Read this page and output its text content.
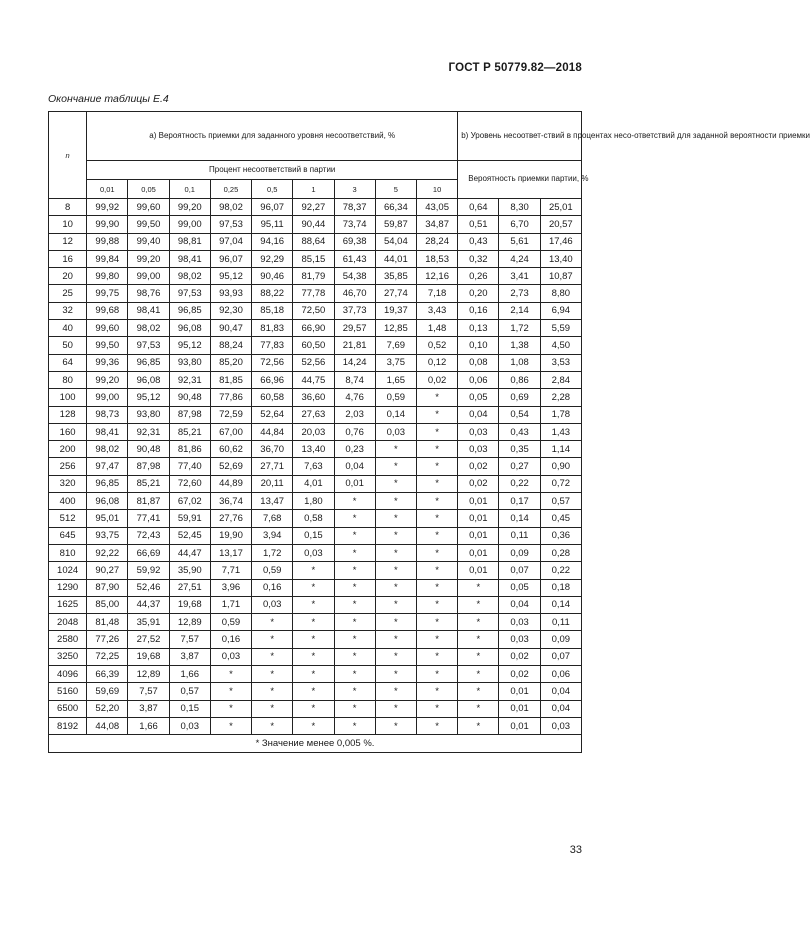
ГОСТ Р 50779.82—2018
Окончание таблицы Е.4
n	a) Вероятность приемки для заданного уровня несоответствий, %									b) Уровень несоответ-ствий в процентах несо-ответствий для заданной вероятности приемки		
	Процент несоответствий в партии									Вероятность приемки партии, %		
	0,01	0,05	0,1	0,25	0,5	1	3	5	10			
8	99,92	99,60	99,20	98,02	96,07	92,27	78,37	66,34	43,05	0,64	8,30	25,01
10	99,90	99,50	99,00	97,53	95,11	90,44	73,74	59,87	34,87	0,51	6,70	20,57
12	99,88	99,40	98,81	97,04	94,16	88,64	69,38	54,04	28,24	0,43	5,61	17,46
16	99,84	99,20	98,41	96,07	92,29	85,15	61,43	44,01	18,53	0,32	4,24	13,40
20	99,80	99,00	98,02	95,12	90,46	81,79	54,38	35,85	12,16	0,26	3,41	10,87
25	99,75	98,76	97,53	93,93	88,22	77,78	46,70	27,74	7,18	0,20	2,73	8,80
32	99,68	98,41	96,85	92,30	85,18	72,50	37,73	19,37	3,43	0,16	2,14	6,94
40	99,60	98,02	96,08	90,47	81,83	66,90	29,57	12,85	1,48	0,13	1,72	5,59
50	99,50	97,53	95,12	88,24	77,83	60,50	21,81	7,69	0,52	0,10	1,38	4,50
64	99,36	96,85	93,80	85,20	72,56	52,56	14,24	3,75	0,12	0,08	1,08	3,53
80	99,20	96,08	92,31	81,85	66,96	44,75	8,74	1,65	0,02	0,06	0,86	2,84
100	99,00	95,12	90,48	77,86	60,58	36,60	4,76	0,59	*	0,05	0,69	2,28
128	98,73	93,80	87,98	72,59	52,64	27,63	2,03	0,14	*	0,04	0,54	1,78
160	98,41	92,31	85,21	67,00	44,84	20,03	0,76	0,03	*	0,03	0,43	1,43
200	98,02	90,48	81,86	60,62	36,70	13,40	0,23	*	*	0,03	0,35	1,14
256	97,47	87,98	77,40	52,69	27,71	7,63	0,04	*	*	0,02	0,27	0,90
320	96,85	85,21	72,60	44,89	20,11	4,01	0,01	*	*	0,02	0,22	0,72
400	96,08	81,87	67,02	36,74	13,47	1,80	*	*	*	0,01	0,17	0,57
512	95,01	77,41	59,91	27,76	7,68	0,58	*	*	*	0,01	0,14	0,45
645	93,75	72,43	52,45	19,90	3,94	0,15	*	*	*	0,01	0,11	0,36
810	92,22	66,69	44,47	13,17	1,72	0,03	*	*	*	0,01	0,09	0,28
1024	90,27	59,92	35,90	7,71	0,59	*	*	*	*	0,01	0,07	0,22
1290	87,90	52,46	27,51	3,96	0,16	*	*	*	*	*	0,05	0,18
1625	85,00	44,37	19,68	1,71	0,03	*	*	*	*	*	0,04	0,14
2048	81,48	35,91	12,89	0,59	*	*	*	*	*	*	0,03	0,11
2580	77,26	27,52	7,57	0,16	*	*	*	*	*	*	0,03	0,09
3250	72,25	19,68	3,87	0,03	*	*	*	*	*	*	0,02	0,07
4096	66,39	12,89	1,66	*	*	*	*	*	*	*	0,02	0,06
5160	59,69	7,57	0,57	*	*	*	*	*	*	*	0,01	0,04
6500	52,20	3,87	0,15	*	*	*	*	*	*	*	0,01	0,04
8192	44,08	1,66	0,03	*	*	*	*	*	*	*	0,01	0,03
* Значение менее 0,005 %.												
33
